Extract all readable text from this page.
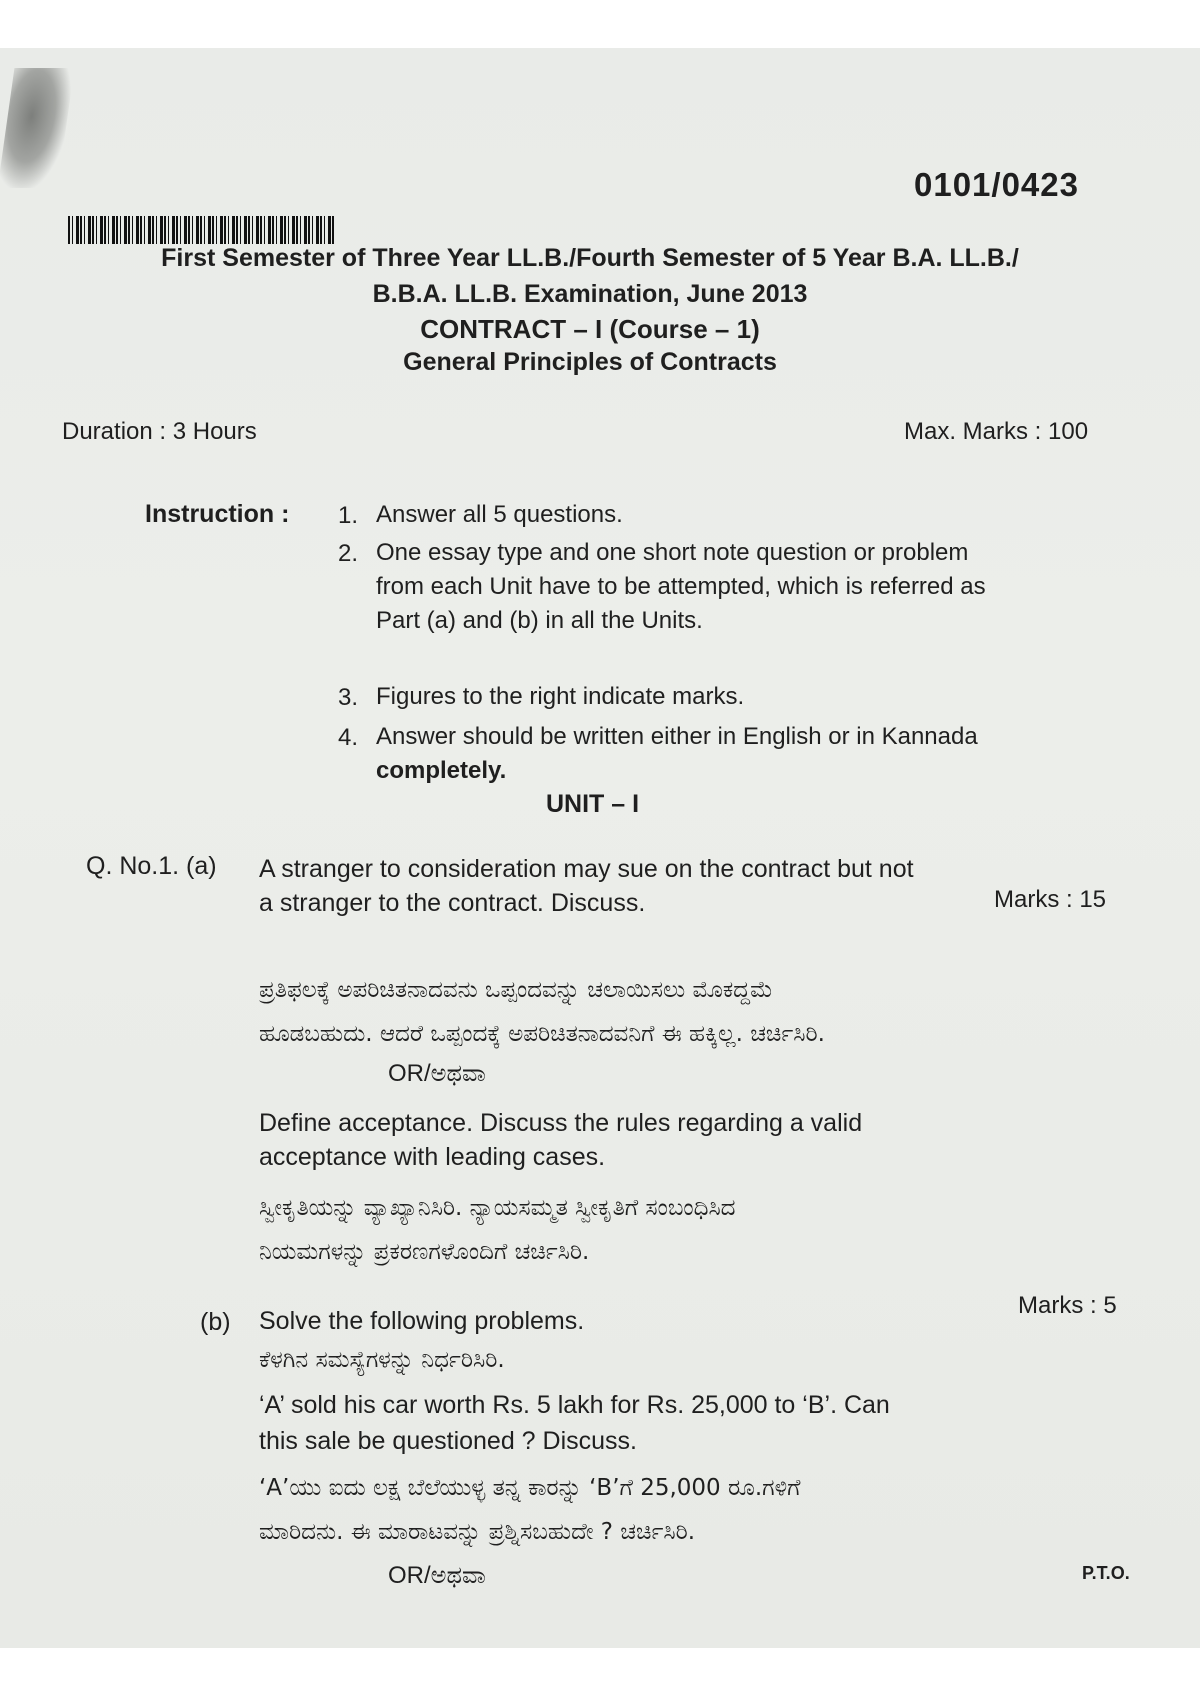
0101/0423
First Semester of Three Year LL.B./Fourth Semester of 5 Year B.A. LL.B./
B.B.A. LL.B. Examination, June 2013
CONTRACT – I (Course – 1)
General Principles of Contracts
Duration : 3 Hours	Max. Marks : 100
Instruction : 1. Answer all 5 questions.
2. One essay type and one short note question or problem
from each Unit have to be attempted, which is referred as
Part (a) and (b) in all the Units.
3. Figures to the right indicate marks.
4. Answer should be written either in English or in Kannada
completely.
UNIT – I
Q. No.1. (a) A stranger to consideration may sue on the contract but not
a stranger to the contract. Discuss.	Marks : 15
ಪ್ರತಿಫಲಕ್ಕೆ ಅಪರಿಚಿತನಾದವನು ಒಪ್ಪಂದವನ್ನು ಚಲಾಯಿಸಲು ಮೊಕದ್ದಮೆ
ಹೂಡಬಹುದು. ಆದರೆ ಒಪ್ಪಂದಕ್ಕೆ ಅಪರಿಚಿತನಾದವನಿಗೆ ಈ ಹಕ್ಕಿಲ್ಲ. ಚರ್ಚಿಸಿರಿ.
OR/ಅಥವಾ
Define acceptance. Discuss the rules regarding a valid
acceptance with leading cases.
ಸ್ವೀಕೃತಿಯನ್ನು ವ್ಯಾಖ್ಯಾನಿಸಿರಿ. ನ್ಯಾಯಸಮ್ಮತ ಸ್ವೀಕೃತಿಗೆ ಸಂಬಂಧಿಸಿದ
ನಿಯಮಗಳನ್ನು ಪ್ರಕರಣಗಳೊಂದಿಗೆ ಚರ್ಚಿಸಿರಿ.
(b) Solve the following problems.
Marks : 5
ಕೆಳಗಿನ ಸಮಸ್ಯೆಗಳನ್ನು ನಿರ್ಧರಿಸಿರಿ.
‘A’ sold his car worth Rs. 5 lakh for Rs. 25,000 to ‘B’. Can
this sale be questioned ? Discuss.
‘A’ಯು ಐದು ಲಕ್ಷ ಬೆಲೆಯುಳ್ಳ ತನ್ನ ಕಾರನ್ನು ‘B’ಗೆ 25,000 ರೂ.ಗಳಿಗೆ
ಮಾರಿದನು. ಈ ಮಾರಾಟವನ್ನು ಪ್ರಶ್ನಿಸಬಹುದೇ ? ಚರ್ಚಿಸಿರಿ.
OR/ಅಥವಾ	P.T.O.
